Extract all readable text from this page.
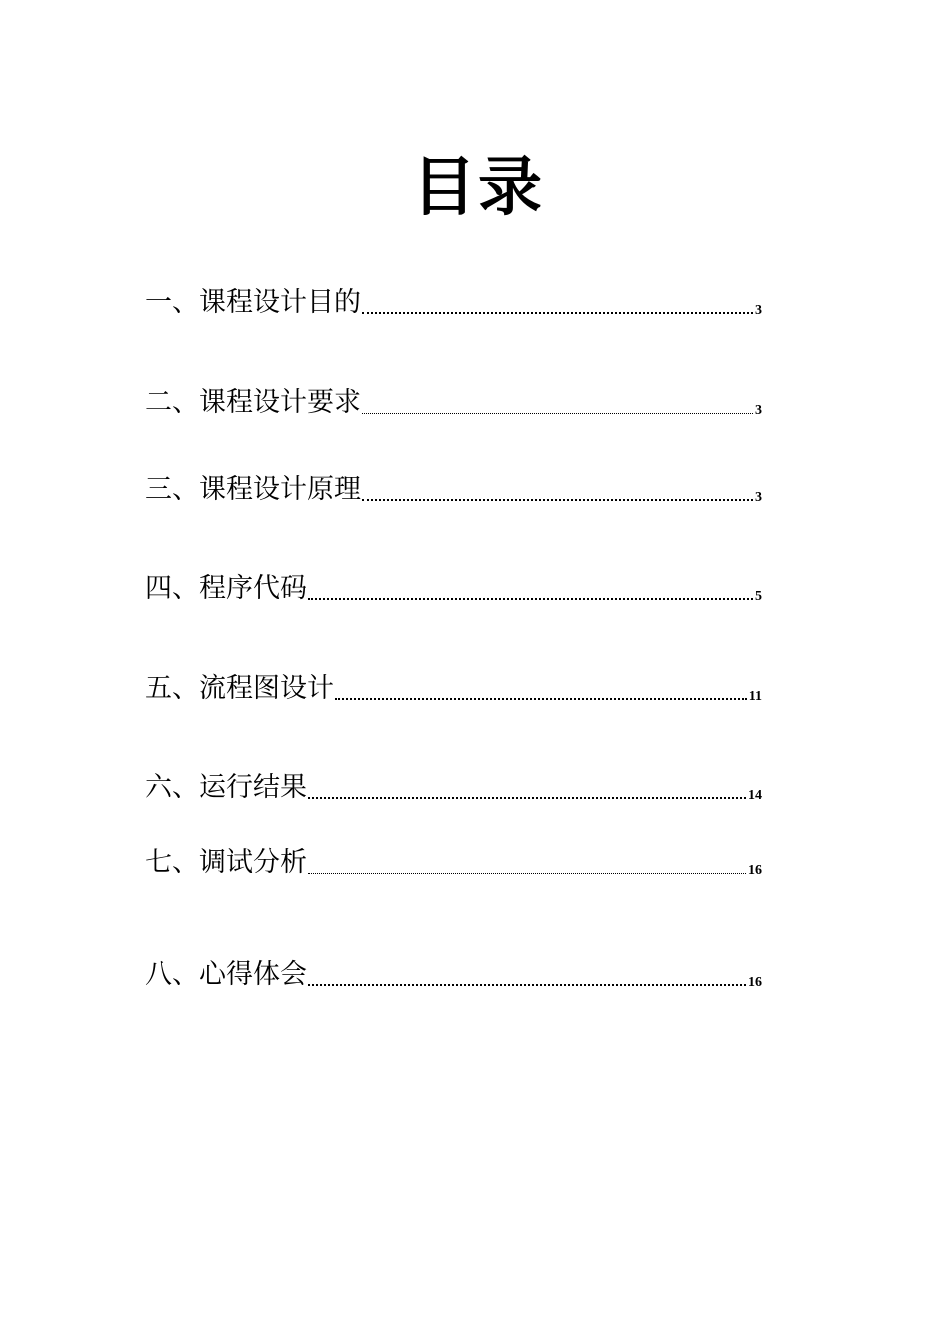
目录
一、课程设计目的	3
二、课程设计要求	3
三、课程设计原理	3
四、程序代码	5
五、流程图设计	11
六、运行结果	14
七、调试分析	16
八、心得体会	16
